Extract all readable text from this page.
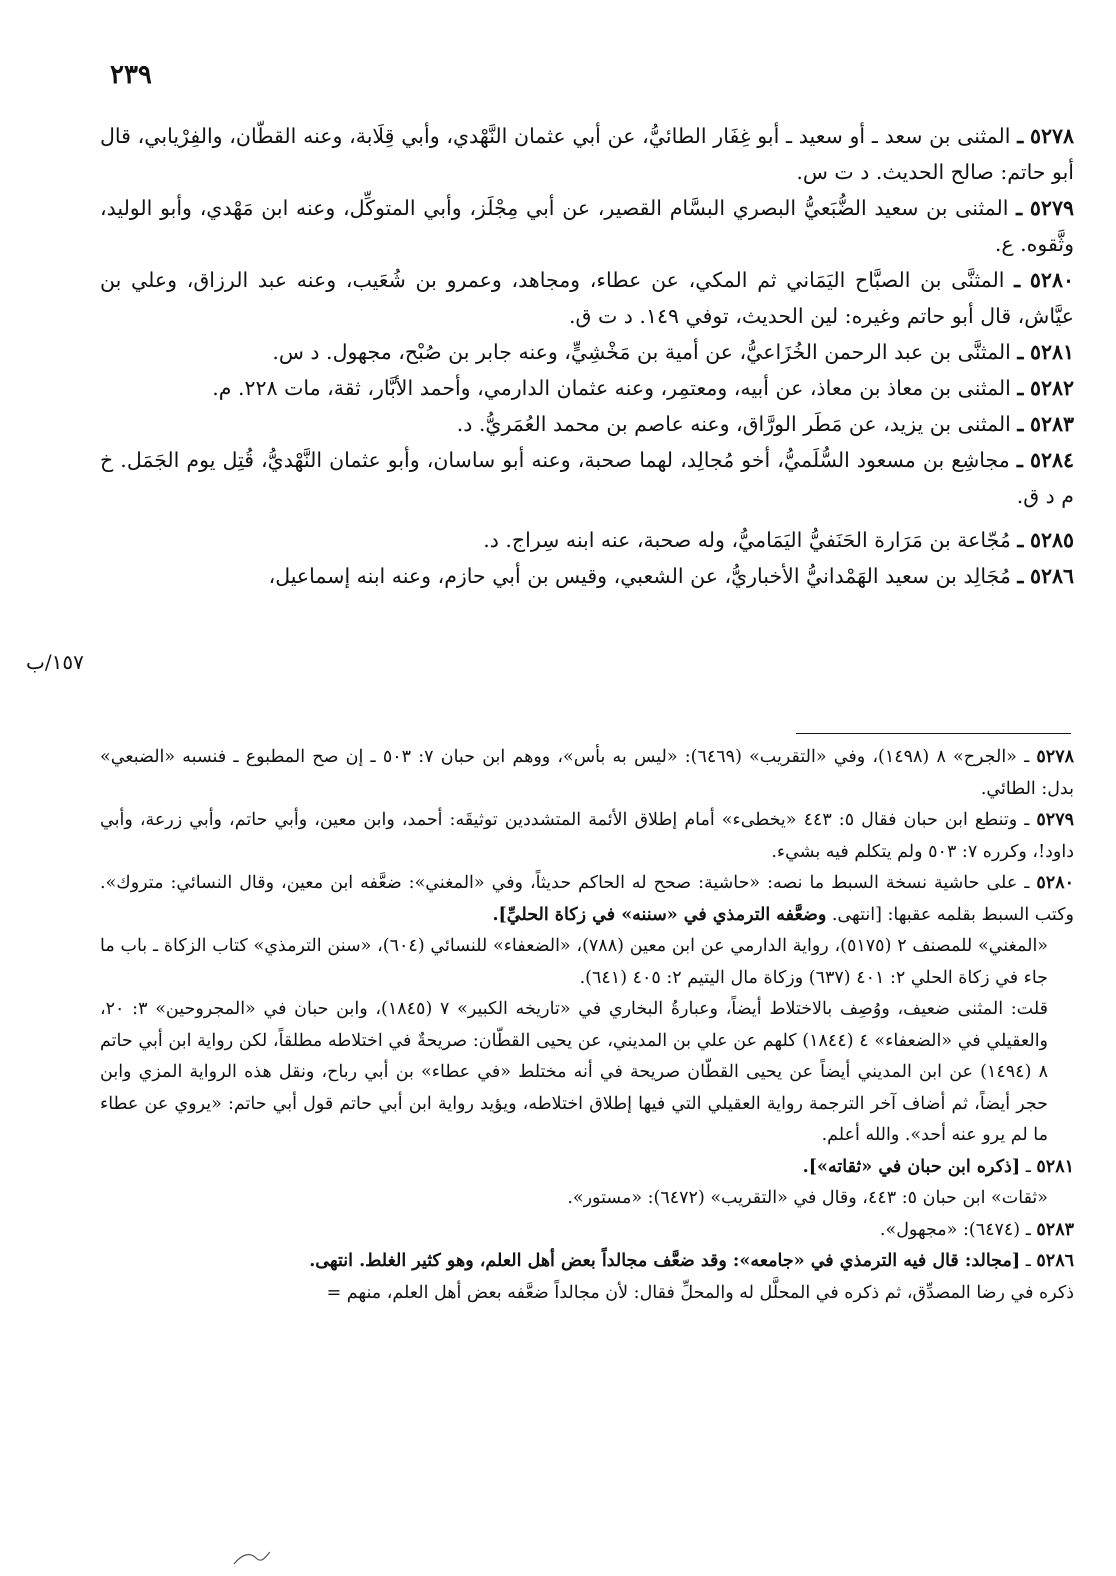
٢٣٩
١٥٧/ب
٥٢٧٨ ـ المثنى بن سعد ـ أو سعيد ـ أبو غِفَار الطائيُّ، عن أبي عثمان النَّهْدي، وأبي قِلَابة، وعنه القطّان، والفِرْيابي، قال أبو حاتم: صالح الحديث. د ت س.
٥٢٧٩ ـ المثنى بن سعيد الضُّبَعيُّ البصري البسَّام القصير، عن أبي مِجْلَز، وأبي المتوكِّل، وعنه ابن مَهْدي، وأبو الوليد، وثَّقوه. ع.
٥٢٨٠ ـ المثنَّى بن الصبَّاح اليَمَاني ثم المكي، عن عطاء، ومجاهد، وعمرو بن شُعَيب، وعنه عبد الرزاق، وعلي بن عيَّاش، قال أبو حاتم وغيره: لين الحديث، توفي ١٤٩. د ت ق.
٥٢٨١ ـ المثنَّى بن عبد الرحمن الخُزَاعيُّ، عن أمية بن مَخْشِيٍّ، وعنه جابر بن صُبْح، مجهول. د س.
٥٢٨٢ ـ المثنى بن معاذ بن معاذ، عن أبيه، ومعتمِر، وعنه عثمان الدارمي، وأحمد الأبَّار، ثقة، مات ٢٢٨. م.
٥٢٨٣ ـ المثنى بن يزيد، عن مَطَر الورَّاق، وعنه عاصم بن محمد العُمَريُّ. د.
٥٢٨٤ ـ مجاشِع بن مسعود السُّلَميُّ، أخو مُجالِد، لهما صحبة، وعنه أبو ساسان، وأبو عثمان النَّهْديُّ، قُتِل يوم الجَمَل. خ م د ق.
٥٢٨٥ ـ مُجّاعة بن مَرَارة الحَنَفيُّ اليَمَاميُّ، وله صحبة، عنه ابنه سِراج. د.
٥٢٨٦ ـ مُجَالِد بن سعيد الهَمْدانيُّ الأخباريُّ، عن الشعبي، وقيس بن أبي حازم، وعنه ابنه إسماعيل،
٥٢٧٨ ـ «الجرح» ٨ (١٤٩٨)، وفي «التقريب» (٦٤٦٩): «ليس به بأس»، ووهم ابن حبان ٧: ٥٠٣ ـ إن صح المطبوع ـ فنسبه «الضبعي» بدل: الطائي.
٥٢٧٩ ـ وتنطع ابن حبان فقال ٥: ٤٤٣ «يخطىء» أمام إطلاق الأئمة المتشددين توثيقَه: أحمد، وابن معين، وأبي حاتم، وأبي زرعة، وأبي داود!، وكرره ٧: ٥٠٣ ولم يتكلم فيه بشيء.
٥٢٨٠ ـ على حاشية نسخة السبط ما نصه: «حاشية: صحح له الحاكم حديثاً، وفي «المغني»: ضعَّفه ابن معين، وقال النسائي: متروك». وكتب السبط بقلمه عقبها: [انتهى. وضعَّفه الترمذي في «سننه» في زكاة الحليِّ].
«المغني» للمصنف ٢ (٥١٧٥)، رواية الدارمي عن ابن معين (٧٨٨)، «الضعفاء» للنسائي (٦٠٤)، «سنن الترمذي» كتاب الزكاة ـ باب ما جاء في زكاة الحلي ٢: ٤٠١ (٦٣٧) وزكاة مال اليتيم ٢: ٤٠٥ (٦٤١).
قلت: المثنى ضعيف، ووُصِف بالاختلاط أيضاً، وعبارةُ البخاري في «تاريخه الكبير» ٧ (١٨٤٥)، وابن حبان في «المجروحين» ٣: ٢٠، والعقيلي في «الضعفاء» ٤ (١٨٤٤) كلهم عن علي بن المديني، عن يحيى القطّان: صريحةٌ في اختلاطه مطلقاً، لكن رواية ابن أبي حاتم ٨ (١٤٩٤) عن ابن المديني أيضاً عن يحيى القطّان صريحة في أنه مختلط «في عطاء» بن أبي رباح، ونقل هذه الرواية المزي وابن حجر أيضاً، ثم أضاف آخر الترجمة رواية العقيلي التي فيها إطلاق اختلاطه، ويؤيد رواية ابن أبي حاتم قول أبي حاتم: «يروي عن عطاء ما لم يرو عنه أحد». والله أعلم.
٥٢٨١ ـ [ذكره ابن حبان في «ثقاته»].
«ثقات» ابن حبان ٥: ٤٤٣، وقال في «التقريب» (٦٤٧٢): «مستور».
٥٢٨٣ ـ (٦٤٧٤): «مجهول».
٥٢٨٦ ـ [مجالد: قال فيه الترمذي في «جامعه»: وقد ضعَّف مجالداً بعض أهل العلم، وهو كثير الغلط. انتهى.
ذكره في رضا المصدِّق، ثم ذكره في المحلَّل له والمحلِّ فقال: لأن مجالداً ضعَّفه بعض أهل العلم، منهم =
